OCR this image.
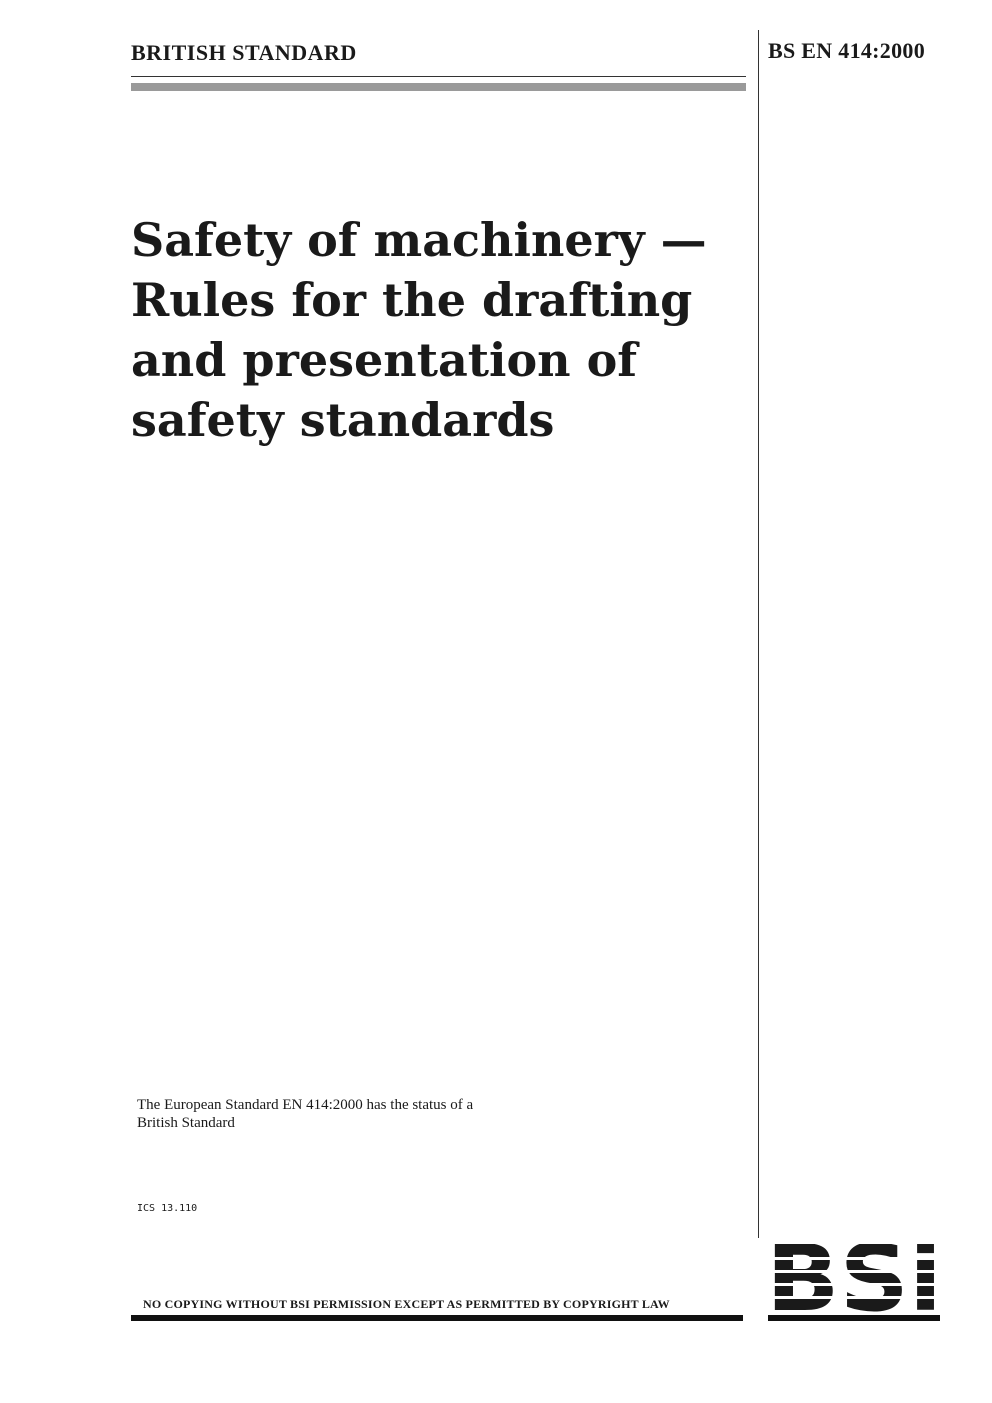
BRITISH STANDARD	BS EN 414:2000
Safety of machinery —
Rules for the drafting
and presentation of
safety standards
The European Standard EN 414:2000 has the status of a
British Standard
ICS 13.110
NO COPYING WITHOUT BSI PERMISSION EXCEPT AS PERMITTED BY COPYRIGHT LAW
